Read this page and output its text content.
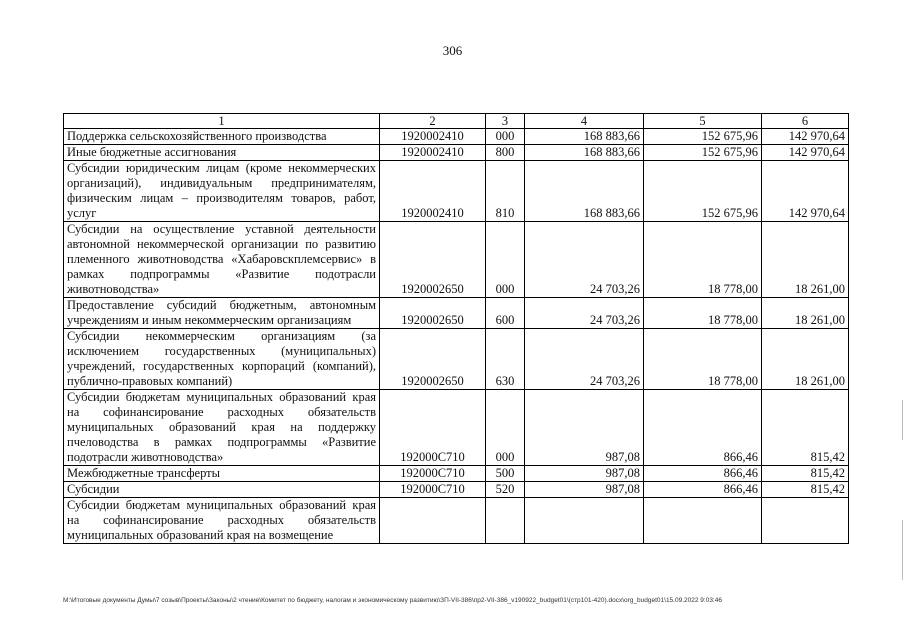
306
1	2	3	4	5	6
Поддержка сельскохозяйственного производства	1920002410	000	168 883,66	152 675,96	142 970,64
Иные бюджетные ассигнования	1920002410	800	168 883,66	152 675,96	142 970,64
Субсидии юридическим лицам (кроме некоммерческих организаций), индивидуальным предпринимателям, физическим лицам – производителям товаров, работ, услуг	1920002410	810	168 883,66	152 675,96	142 970,64
Субсидии на осуществление уставной деятельности автономной некоммерческой организации по развитию племенного животноводства «Хабаровскплемсервис» в рамках подпрограммы «Развитие подотрасли животноводства»	1920002650	000	24 703,26	18 778,00	18 261,00
Предоставление субсидий бюджетным, автономным учреждениям и иным некоммерческим организациям	1920002650	600	24 703,26	18 778,00	18 261,00
Субсидии некоммерческим организациям (за исключением государственных (муниципальных) учреждений, государственных корпораций (компаний), публично-правовых компаний)	1920002650	630	24 703,26	18 778,00	18 261,00
Субсидии бюджетам муниципальных образований края на софинансирование расходных обязательств муниципальных образований края на поддержку пчеловодства в рамках подпрограммы «Развитие подотрасли животноводства»	192000С710	000	987,08	866,46	815,42
Межбюджетные трансферты	192000С710	500	987,08	866,46	815,42
Субсидии	192000С710	520	987,08	866,46	815,42
Субсидии бюджетам муниципальных образований края на софинансирование расходных обязательств муниципальных образований края на возмещение					
M:\Итоговые документы Думы\7 созыв\Проекты\Законы\2 чтение\Комитет по бюджету, налогам и экономическому развитию\ЗП-VII-386\пр2-VII-386_v190922_budget01\(стр101-420).docx\org_budget01\15.09.2022 9:03:46
